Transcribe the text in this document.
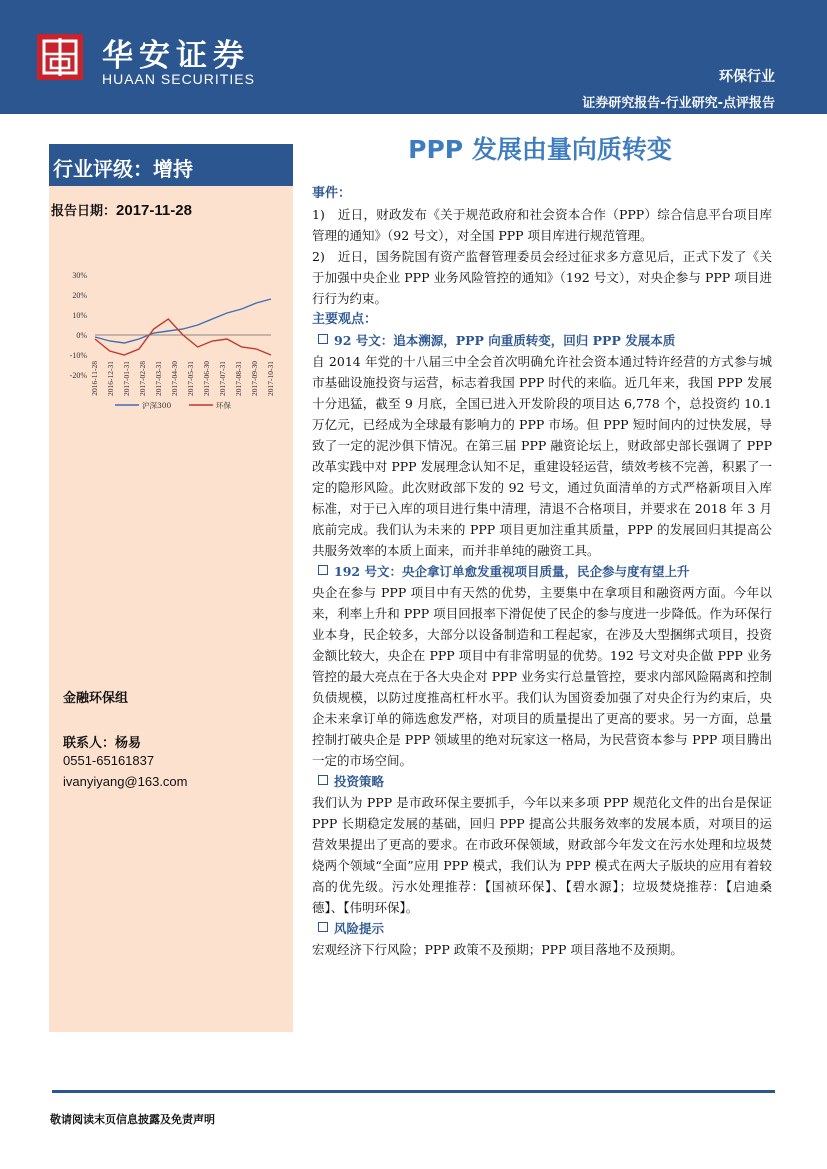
华安证券
HUAAN SECURITIES	环保行业
证券研究报告-行业研究-点评报告
PPP 发展由量向质转变
行业评级：增持
报告日期：2017-11-28
30%
20%
10%
0%
-10%
-20% 2016-11-28 2016-12-31 2017-01-31 2017-02-28 2017-03-31 2017-04-30 2017-05-31 2017-06-30 2017-07-31 2017-08-31 2017-09-30 2017-10-31
沪深300	环保
金融环保组
联系人：杨易
0551-65161837
ivanyiyang@163.com

事件：

1)　近日，财政发布《关于规范政府和社会资本合作（PPP）综合信息平台项目库管理的通知》（92 号文），对全国 PPP 项目库进行规范管理。

2)　近日，国务院国有资产监督管理委员会经过征求多方意见后，正式下发了《关于加强中央企业 PPP 业务风险管控的通知》（192 号文），对央企参与 PPP 项目进行行为约束。

主要观点：

92 号文：追本溯源，PPP 向重质转变，回归 PPP 发展本质

自 2014 年党的十八届三中全会首次明确允许社会资本通过特许经营的方式参与城市基础设施投资与运营，标志着我国 PPP 时代的来临。近几年来，我国 PPP 发展十分迅猛，截至 9 月底，全国已进入开发阶段的项目达 6,778 个，总投资约 10.1 万亿元，已经成为全球最有影响力的 PPP 市场。但 PPP 短时间内的过快发展，导致了一定的泥沙俱下情况。在第三届 PPP 融资论坛上，财政部史部长强调了 PPP 改革实践中对 PPP 发展理念认知不足，重建设轻运营，绩效考核不完善，积累了一定的隐形风险。此次财政部下发的 92 号文，通过负面清单的方式严格新项目入库标准，对于已入库的项目进行集中清理，清退不合格项目，并要求在 2018 年 3 月底前完成。我们认为未来的 PPP 项目更加注重其质量，PPP 的发展回归其提高公共服务效率的本质上面来，而并非单纯的融资工具。

192 号文：央企拿订单愈发重视项目质量，民企参与度有望上升

央企在参与 PPP 项目中有天然的优势，主要集中在拿项目和融资两方面。今年以来，利率上升和 PPP 项目回报率下滑促使了民企的参与度进一步降低。作为环保行业本身，民企较多，大部分以设备制造和工程起家，在涉及大型捆绑式项目，投资金额比较大，央企在 PPP 项目中有非常明显的优势。192 号文对央企做 PPP 业务管控的最大亮点在于各大央企对 PPP 业务实行总量管控，要求内部风险隔离和控制负债规模，以防过度推高杠杆水平。我们认为国资委加强了对央企行为约束后，央企未来拿订单的筛选愈发严格，对项目的质量提出了更高的要求。另一方面，总量控制打破央企是 PPP 领域里的绝对玩家这一格局，为民营资本参与 PPP 项目腾出一定的市场空间。

投资策略

我们认为 PPP 是市政环保主要抓手，今年以来多项 PPP 规范化文件的出台是保证 PPP 长期稳定发展的基础，回归 PPP 提高公共服务效率的发展本质，对项目的运营效果提出了更高的要求。在市政环保领域，财政部今年发文在污水处理和垃圾焚烧两个领域“全面”应用 PPP 模式，我们认为 PPP 模式在两大子版块的应用有着较高的优先级。污水处理推荐：【国祯环保】、【碧水源】；垃圾焚烧推荐：【启迪桑德】、【伟明环保】。

风险提示

宏观经济下行风险；PPP 政策不及预期；PPP 项目落地不及预期。

敬请阅读末页信息披露及免责声明
